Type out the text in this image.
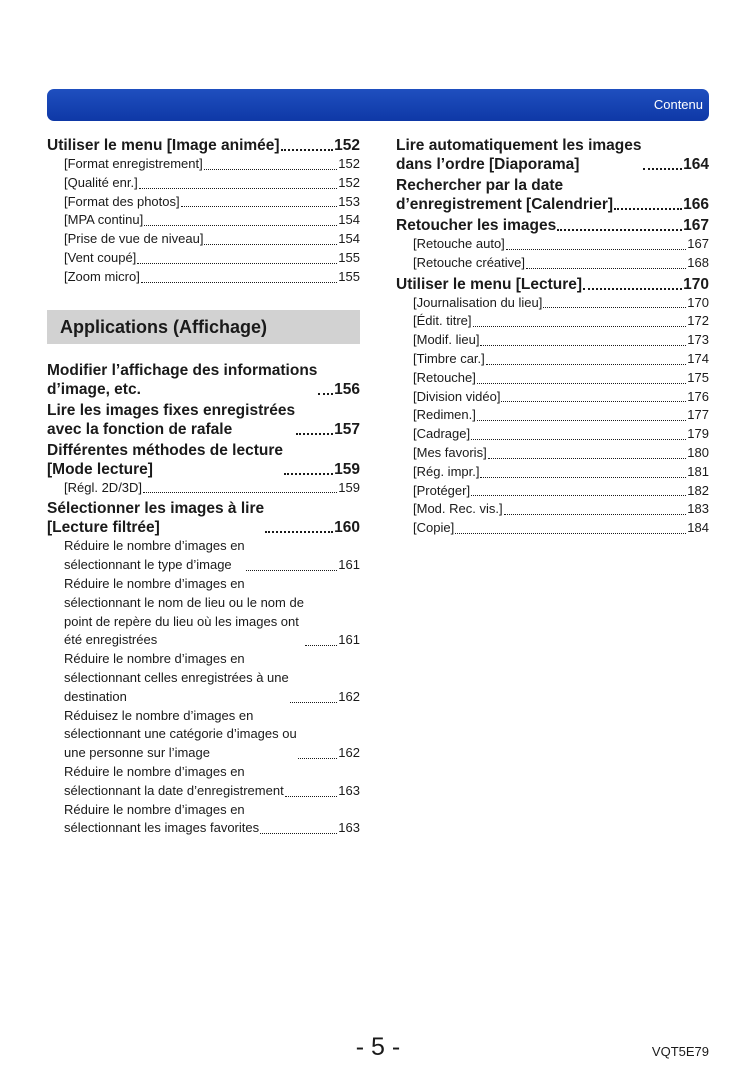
Contenu
Utiliser le menu [Image animée]	152
[Format enregistrement]	152
[Qualité enr.]	152
[Format des photos]	153
[MPA continu]	154
[Prise de vue de niveau]	154
[Vent coupé]	155
[Zoom micro]	155
Applications (Affichage)
Modifier l’affichage des informations
d’image, etc.	156
Lire les images fixes enregistrées
avec la fonction de rafale	157
Différentes méthodes de lecture
[Mode lecture]	159
[Régl. 2D/3D]	159
Sélectionner les images à lire
[Lecture filtrée]	160
Réduire le nombre d’images en
sélectionnant le type d’image	161
Réduire le nombre d’images en
sélectionnant le nom de lieu ou le nom de
point de repère du lieu où les images ont
été enregistrées	161
Réduire le nombre d’images en
sélectionnant celles enregistrées à une
destination	162
Réduisez le nombre d’images en
sélectionnant une catégorie d’images ou
une personne sur l’image	162
Réduire le nombre d’images en
sélectionnant la date d’enregistrement	163
Réduire le nombre d’images en
sélectionnant les images favorites	163
Lire automatiquement les images
dans l’ordre [Diaporama]	164
Rechercher par la date
d’enregistrement [Calendrier]	166
Retoucher les images	167
[Retouche auto]	167
[Retouche créative]	168
Utiliser le menu [Lecture]	170
[Journalisation du lieu]	170
[Édit. titre]	172
[Modif. lieu]	173
[Timbre car.]	174
[Retouche]	175
[Division vidéo]	176
[Redimen.]	177
[Cadrage]	179
[Mes favoris]	180
[Rég. impr.]	181
[Protéger]	182
[Mod. Rec. vis.]	183
[Copie]	184
- 5 -	VQT5E79
